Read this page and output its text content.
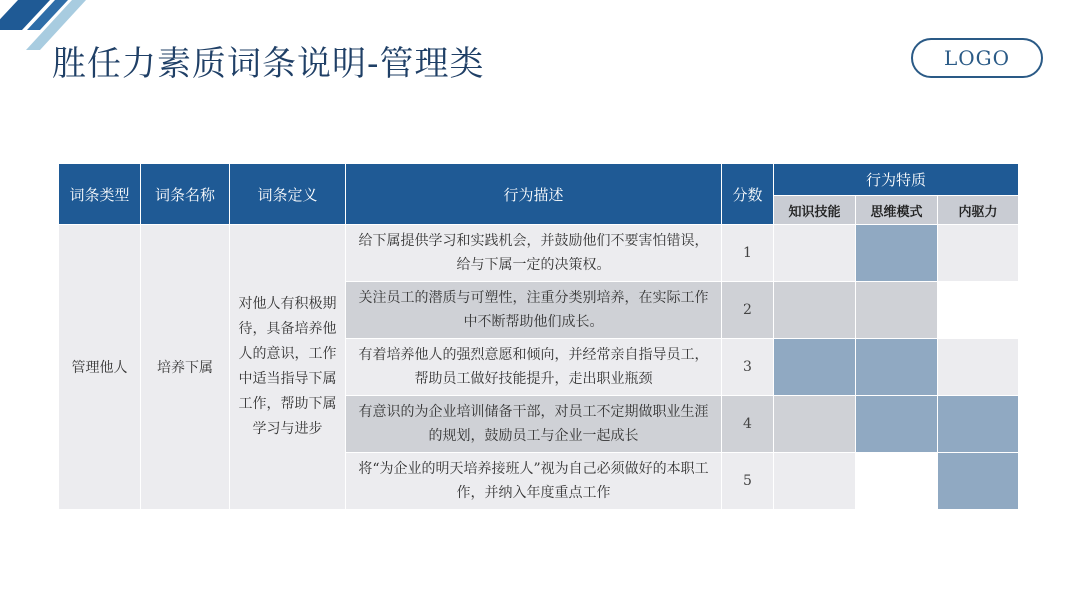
胜任力素质词条说明-管理类	LOGO
词条类型	词条名称	词条定义	行为描述	分数	行为特质		
					知识技能	思维模式	内驱力
管理他人	培养下属	对他人有积极期待，具备培养他人的意识，工作中适当指导下属工作，帮助下属学习与进步	给下属提供学习和实践机会，并鼓励他们不要害怕错误，给与下属一定的决策权。	1			
			关注员工的潜质与可塑性，注重分类别培养，在实际工作中不断帮助他们成长。	2			
			有着培养他人的强烈意愿和倾向，并经常亲自指导员工，帮助员工做好技能提升，走出职业瓶颈	3			
			有意识的为企业培训储备干部，对员工不定期做职业生涯的规划，鼓励员工与企业一起成长	4			
			将“为企业的明天培养接班人”视为自己必须做好的本职工作，并纳入年度重点工作	5			
